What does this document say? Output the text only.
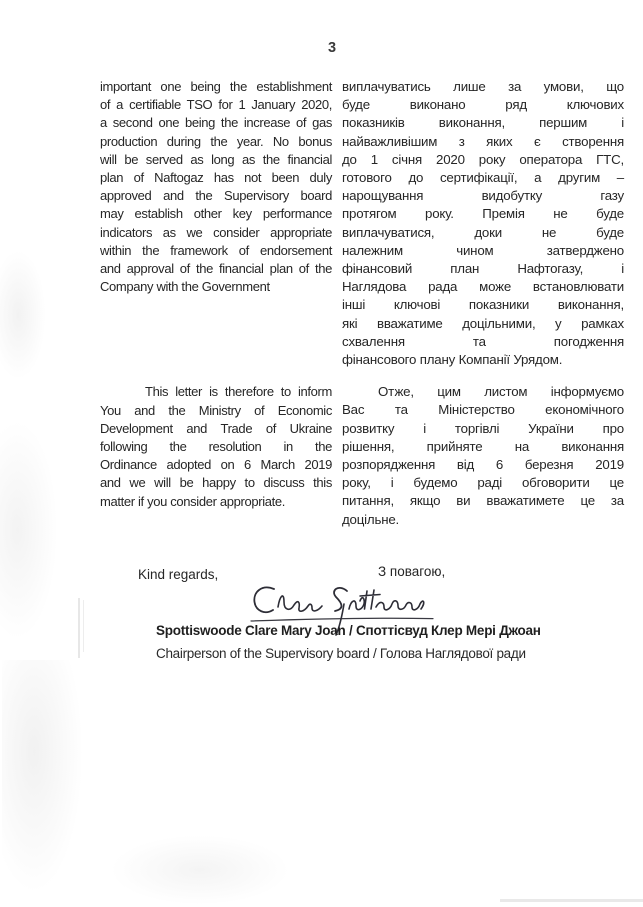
3
important one being the establishment
of a certifiable TSO for 1 January 2020,
a second one being the increase of gas
production during the year. No bonus
will be served as long as the financial
plan of Naftogaz has not been duly
approved and the Supervisory board
may establish other key performance
indicators as we consider appropriate
within the framework of endorsement
and approval of the financial plan of the
Company with the Government
This letter is therefore to inform
You and the Ministry of Economic
Development and Trade of Ukraine
following the resolution in the
Ordinance adopted on 6 March 2019
and we will be happy to discuss this
matter if you consider appropriate.
виплачуватись лише за умови, що
буде виконано ряд ключових
показників виконання, першим і
найважливішим з яких є створення
до 1 січня 2020 року оператора ГТС,
готового до сертифікації, а другим –
нарощування видобутку газу
протягом року. Премія не буде
виплачуватися, доки не буде
належним чином затверджено
фінансовий план Нафтогазу, і
Наглядова рада може встановлювати
інші ключові показники виконання,
які вважатиме доцільними, у рамках
схвалення та погодження
фінансового плану Компанії Урядом.
Отже, цим листом інформуємо
Вас та Міністерство економічного
розвитку і торгівлі України про
рішення, прийняте на виконання
розпорядження від 6 березня 2019
року, і будемо раді обговорити це
питання, якщо ви вважатимете це за
доцільне.
Kind regards,	З повагою,
Spottiswoode Clare Mary Joan / Споттісвуд Клер Мері Джоан
Chairperson of the Supervisory board / Голова Наглядової ради
